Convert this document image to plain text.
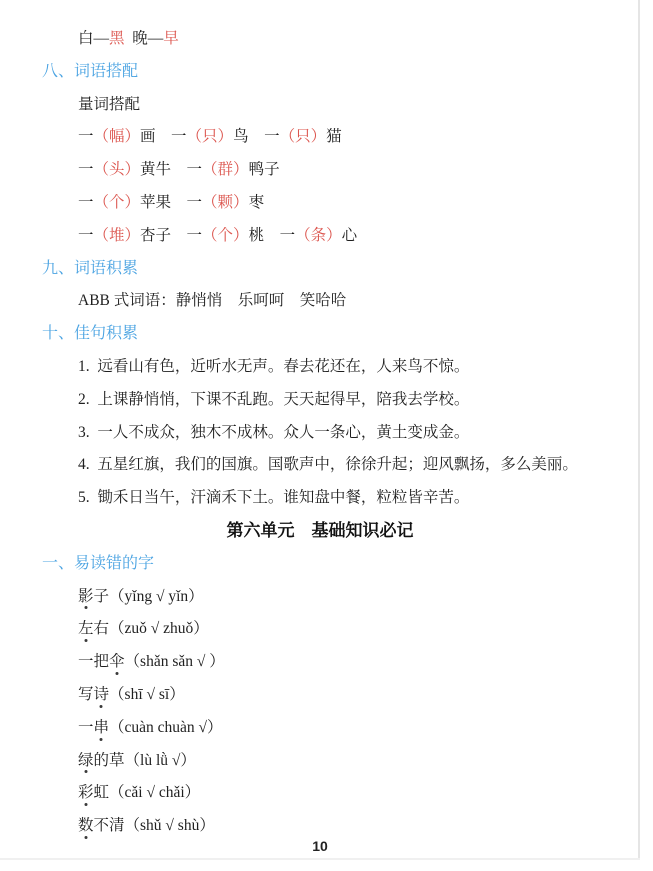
白—黑  晚—早
八、词语搭配
量词搭配
一（幅）画　一（只）鸟　一（只）猫
一（头）黄牛　一（群）鸭子
一（个）苹果　一（颗）枣
一（堆）杏子　一（个）桃　一（条）心
九、词语积累
ABB 式词语：静悄悄　乐呵呵　笑哈哈
十、佳句积累
1.  远看山有色，近听水无声。春去花还在，人来鸟不惊。
2.  上课静悄悄，下课不乱跑。天天起得早，陪我去学校。
3.  一人不成众，独木不成林。众人一条心，黄土变成金。
4.  五星红旗，我们的国旗。国歌声中，徐徐升起；迎风飘扬，多么美丽。
5.  锄禾日当午，汗滴禾下土。谁知盘中餐，粒粒皆辛苦。
第六单元　基础知识必记
一、易读错的字
影子（yǐng √ yǐn）
左右（zuǒ √ zhuǒ）
一把伞（shǎn sǎn √ ）
写诗（shī √ sī）
一串（cuàn chuàn √）
绿的草（lù lǜ √）
彩虹（cǎi √ chǎi）
数不清（shǔ √ shù）
10
